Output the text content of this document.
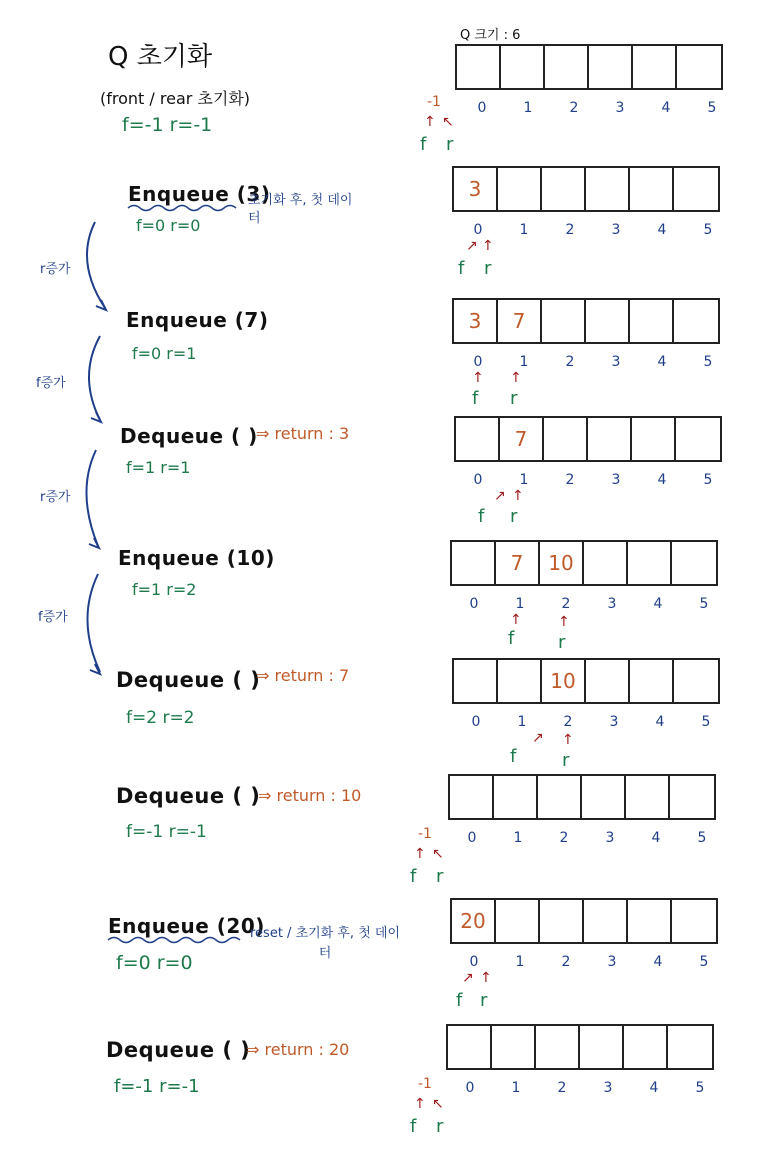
Q 초기화
(front / rear 초기화)
f=-1 r=-1
Q 크기 : 6
-1
↑ ↖
f r
0	1	2	3	4	5
r증가
f증가
r증가
f증가
Enqueue (3)
초기화 후, 첫 데이터
f=0 r=0
3
0	1	2	3	4	5
↗ ↑
f r
Enqueue (7)
f=0 r=1
3	7
0	1	2	3	4	5
↑ ↑
f r
Dequeue ( )
⇒ return : 3
f=1 r=1
7
0	1	2	3	4	5
↗ ↑
f r
Enqueue (10)
f=1 r=2
7	10
0	1	2	3	4	5
↑	↑
f r
Dequeue ( )
⇒ return : 7
f=2 r=2
10
0	1	2	3	4	5
↗ ↑
f	r
Dequeue ( )
⇒ return : 10
f=-1 r=-1	-1	0	1	2	3	4	5
↑ ↖
f r
Enqueue (20)
reset / 초기화 후, 첫 데이터
f=0 r=0
20
0	1	2	3	4	5
↗ ↑
f r
Dequeue ( )
⇒ return : 20
f=-1 r=-1	-1	0	1	2	3	4	5
↑ ↖
f r
